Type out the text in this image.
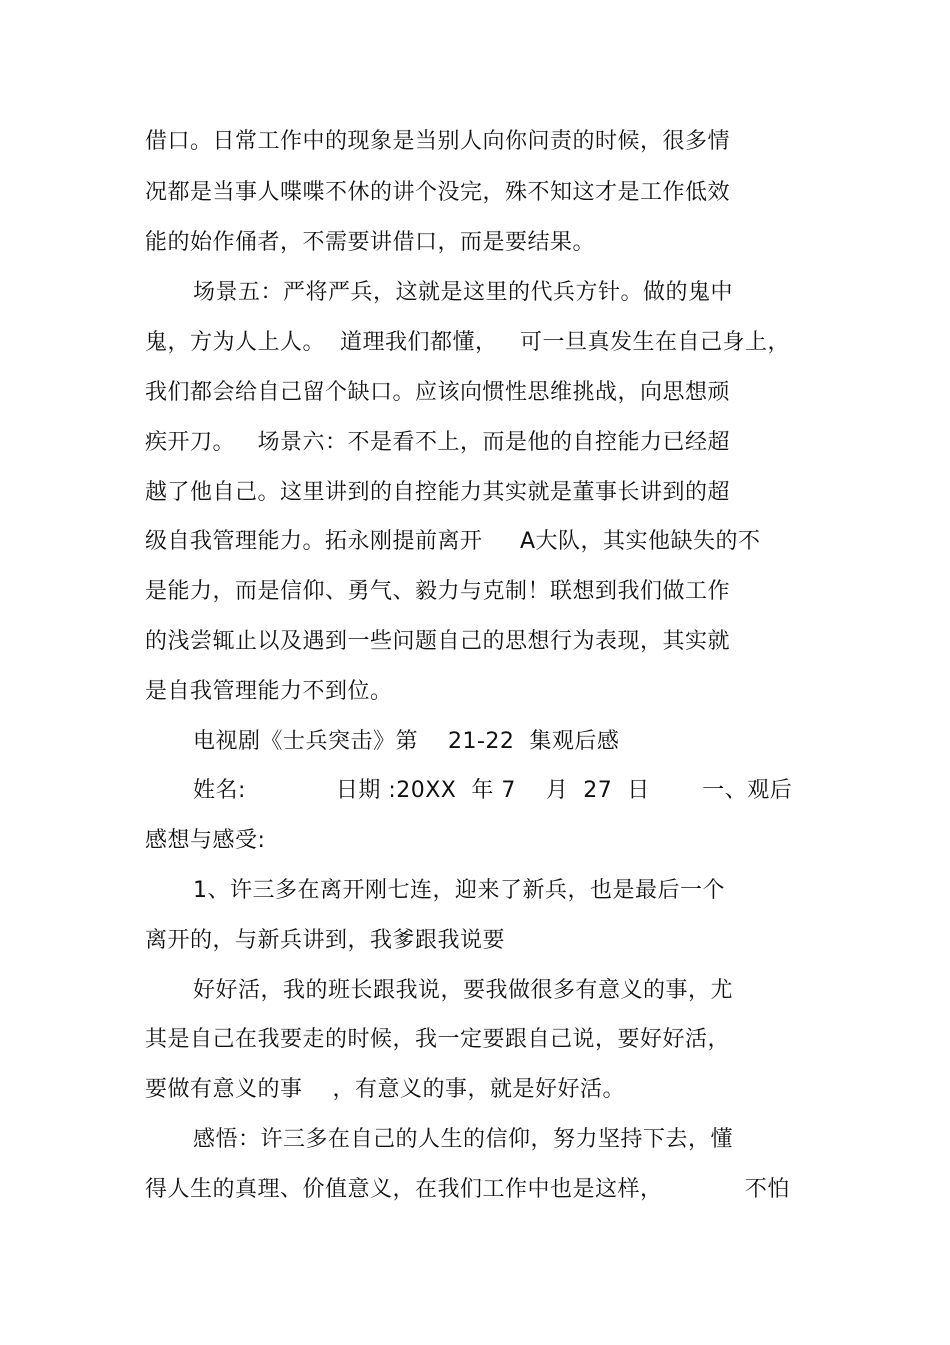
借口。日常工作中的现象是当别人向你问责的时候，很多情
况都是当事人喋喋不休的讲个没完，殊不知这才是工作低效
能的始作俑者，不需要讲借口，而是要结果。
场景五：严将严兵，这就是这里的代兵方针。做的鬼中
鬼，方为人上人。  道理我们都懂，   可一旦真发生在自己身上，
我们都会给自己留个缺口。应该向惯性思维挑战，向思想顽
疾开刀。   场景六：不是看不上，而是他的自控能力已经超
越了他自己。这里讲到的自控能力其实就是董事长讲到的超
级自我管理能力。拓永刚提前离开     A大队，其实他缺失的不
是能力，而是信仰、勇气、毅力与克制！联想到我们做工作
的浅尝辄止以及遇到一些问题自己的思想行为表现，其实就
是自我管理能力不到位。
电视剧《士兵突击》第    21-22  集观后感
姓名:            日期 :20XX  年 7    月  27  日       一、观后
感想与感受:
1、许三多在离开刚七连，迎来了新兵，也是最后一个
离开的，与新兵讲到，我爹跟我说要
好好活，我的班长跟我说，要我做很多有意义的事，尤
其是自己在我要走的时候，我一定要跟自己说，要好好活，
要做有意义的事    ，有意义的事，就是好好活。
感悟：许三多在自己的人生的信仰，努力坚持下去，懂
得人生的真理、价值意义，在我们工作中也是这样，           不怕
